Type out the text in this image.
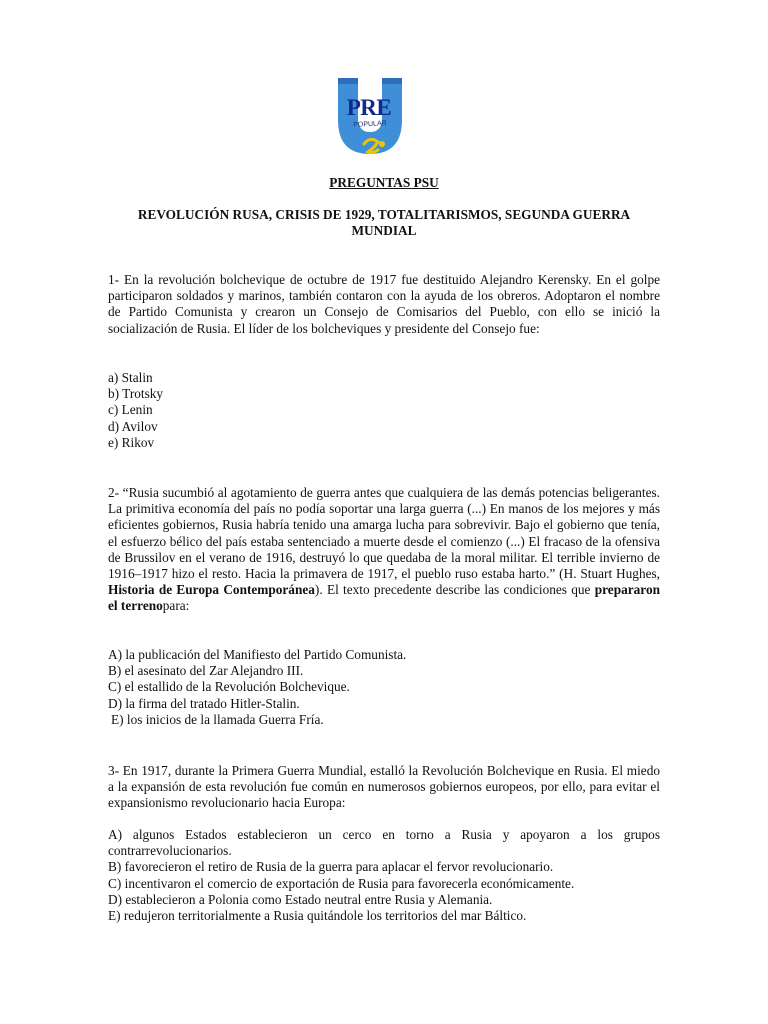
PRE
POPULAR
PREGUNTAS PSU
REVOLUCIÓN RUSA, CRISIS DE 1929, TOTALITARISMOS, SEGUNDA GUERRA MUNDIAL
1- En la revolución bolchevique de octubre de 1917 fue destituido Alejandro Kerensky. En el golpe participaron soldados y marinos, también contaron con la ayuda de los obreros. Adoptaron el nombre de Partido Comunista y crearon un Consejo de Comisarios del Pueblo, con ello se inició la socialización de Rusia. El líder de los bolcheviques y presidente del Consejo fue:
a) Stalin
b) Trotsky
c) Lenin
d) Avilov
e) Rikov
2- “Rusia sucumbió al agotamiento de guerra antes que cualquiera de las demás potencias beligerantes. La primitiva economía del país no podía soportar una larga guerra (...) En manos de los mejores y más eficientes gobiernos, Rusia habría tenido una amarga lucha para sobrevivir. Bajo el gobierno que tenía, el esfuerzo bélico del país estaba sentenciado a muerte desde el comienzo (...) El fracaso de la ofensiva de Brussilov en el verano de 1916, destruyó lo que quedaba de la moral militar. El terrible invierno de 1916–1917 hizo el resto. Hacia la primavera de 1917, el pueblo ruso estaba harto.” (H. Stuart Hughes, Historia de Europa Contemporánea). El texto precedente describe las condiciones que prepararon el terrenopara:
A) la publicación del Manifiesto del Partido Comunista.
B) el asesinato del Zar Alejandro III.
C) el estallido de la Revolución Bolchevique.
D) la firma del tratado Hitler-Stalin.
E) los inicios de la llamada Guerra Fría.
3- En 1917, durante la Primera Guerra Mundial, estalló la Revolución Bolchevique en Rusia. El miedo a la expansión de esta revolución fue común en numerosos gobiernos europeos, por ello, para evitar el expansionismo revolucionario hacia Europa:
A) algunos Estados establecieron un cerco en torno a Rusia y apoyaron a los grupos contrarrevolucionarios.
B) favorecieron el retiro de Rusia de la guerra para aplacar el fervor revolucionario.
C) incentivaron el comercio de exportación de Rusia para favorecerla económicamente.
D) establecieron a Polonia como Estado neutral entre Rusia y Alemania.
E) redujeron territorialmente a Rusia quitándole los territorios del mar Báltico.
